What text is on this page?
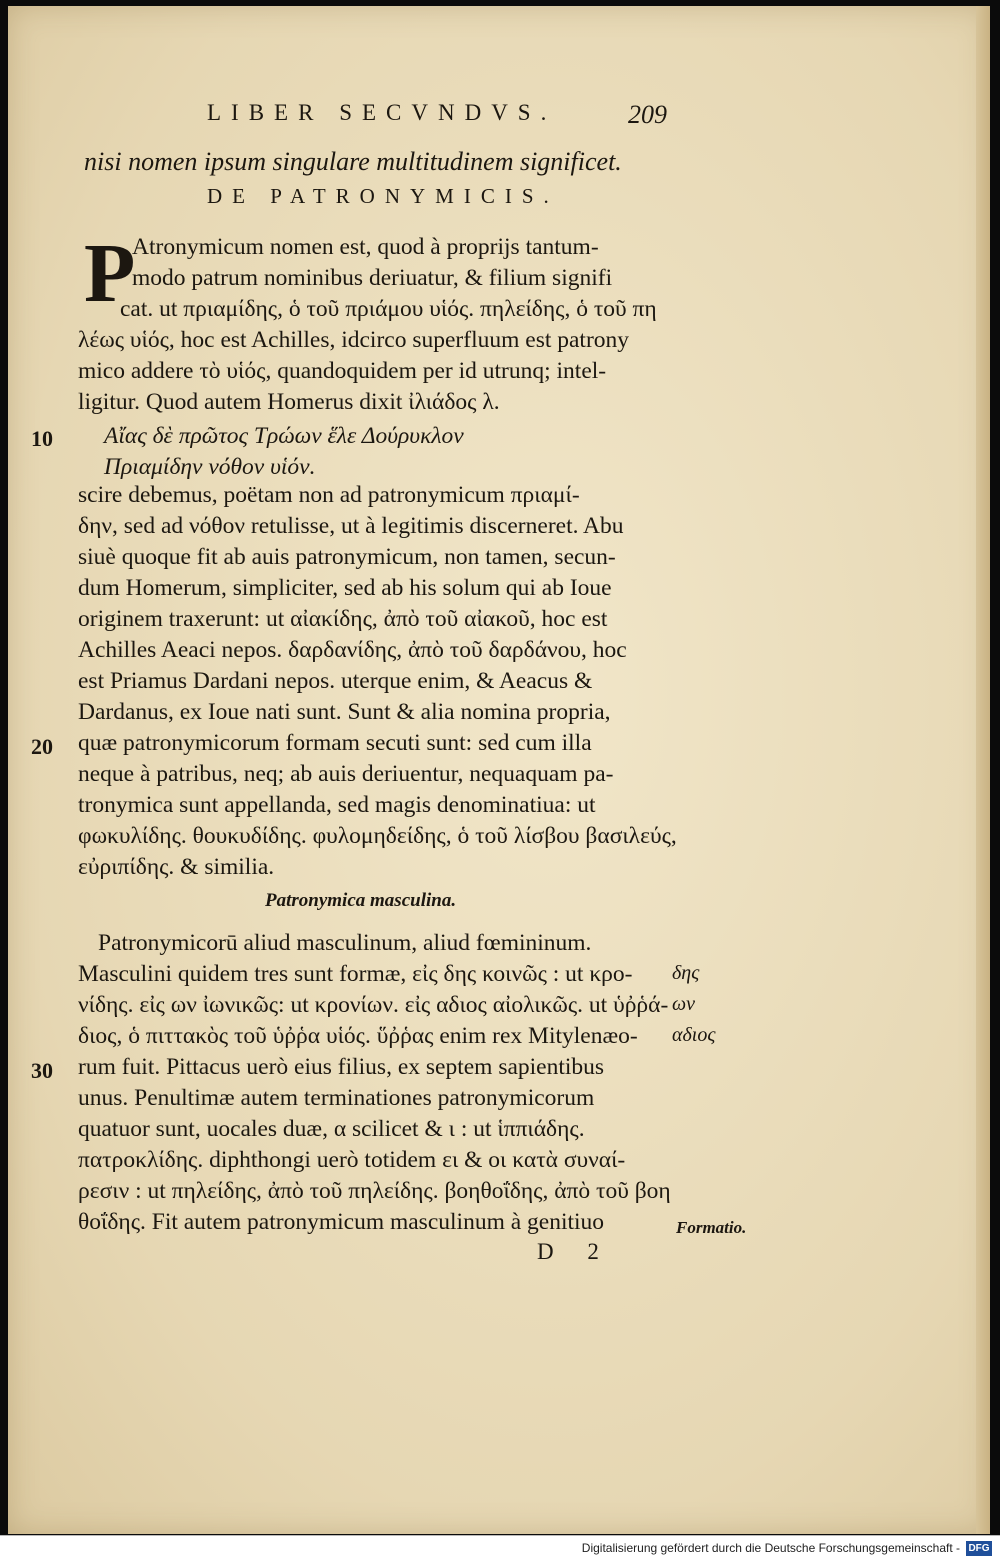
LIBER SECVNDVS.	209
nisi nomen ipsum singulare multitudinem significet.
DE PATRONYMICIS.
P
Atronymicum nomen est, quod à proprijs tantum-
modo patrum nominibus deriuatur, & filium signifi
cat. ut πριαμίδης, ὁ τοῦ πριάμου υἱός. πηλείδης, ὁ τοῦ πη
λέως υἱός, hoc est Achilles, idcirco superfluum est patrony
mico addere τὸ υἱός, quandoquidem per id utrunq; intel-
ligitur. Quod autem Homerus dixit ἰλιάδος λ.
Αἴας δὲ πρῶτος Τρώων ἕλε Δούρυκλον
Πριαμίδην νόθον υἱόν.
scire debemus, poëtam non ad patronymicum πριαμί-
δην, sed ad νόθον retulisse, ut à legitimis discerneret. Abu
siuè quoque fit ab auis patronymicum, non tamen, secun-
dum Homerum, simpliciter, sed ab his solum qui ab Ioue
originem traxerunt: ut αἰακίδης, ἀπὸ τοῦ αἰακοῦ, hoc est
Achilles Aeaci nepos. δαρδανίδης, ἀπὸ τοῦ δαρδάνου, hoc
est Priamus Dardani nepos. uterque enim, & Aeacus &
Dardanus, ex Ioue nati sunt. Sunt & alia nomina propria,
quæ patronymicorum formam secuti sunt: sed cum illa
neque à patribus, neq; ab auis deriuentur, nequaquam pa-
tronymica sunt appellanda, sed magis denominatiua: ut
φωκυλίδης. θουκυδίδης. φυλομηδείδης, ὁ τοῦ λίσβου βασιλεύς,
εὐριπίδης. & similia.
Patronymica masculina.
Patronymicorū aliud masculinum, aliud fœmininum.
Masculini quidem tres sunt formæ, εἰς δης κοινῶς : ut κρο-
νίδης. εἰς ων ἰωνικῶς: ut κρονίων. εἰς αδιος αἰολικῶς. ut ὑῤῥά-
διος, ὁ πιττακὸς τοῦ ὑῤῥα υἱός. ὕῤῥας enim rex Mitylenæo-
rum fuit. Pittacus uerò eius filius, ex septem sapientibus
unus. Penultimæ autem terminationes patronymicorum
quatuor sunt, uocales duæ, α scilicet & ι : ut ἱππιάδης.
πατροκλίδης. diphthongi uerò totidem ει & οι κατὰ συναί-
ρεσιν : ut πηλείδης, ἀπὸ τοῦ πηλείδης. βοηθοΐδης, ἀπὸ τοῦ βοη
θοΐδης. Fit autem patronymicum masculinum à genitiuo
10
20
30
δης
ων
αδιος
Formatio.
D 2
Digitalisierung gefördert durch die Deutsche Forschungsgemeinschaft - DFG
